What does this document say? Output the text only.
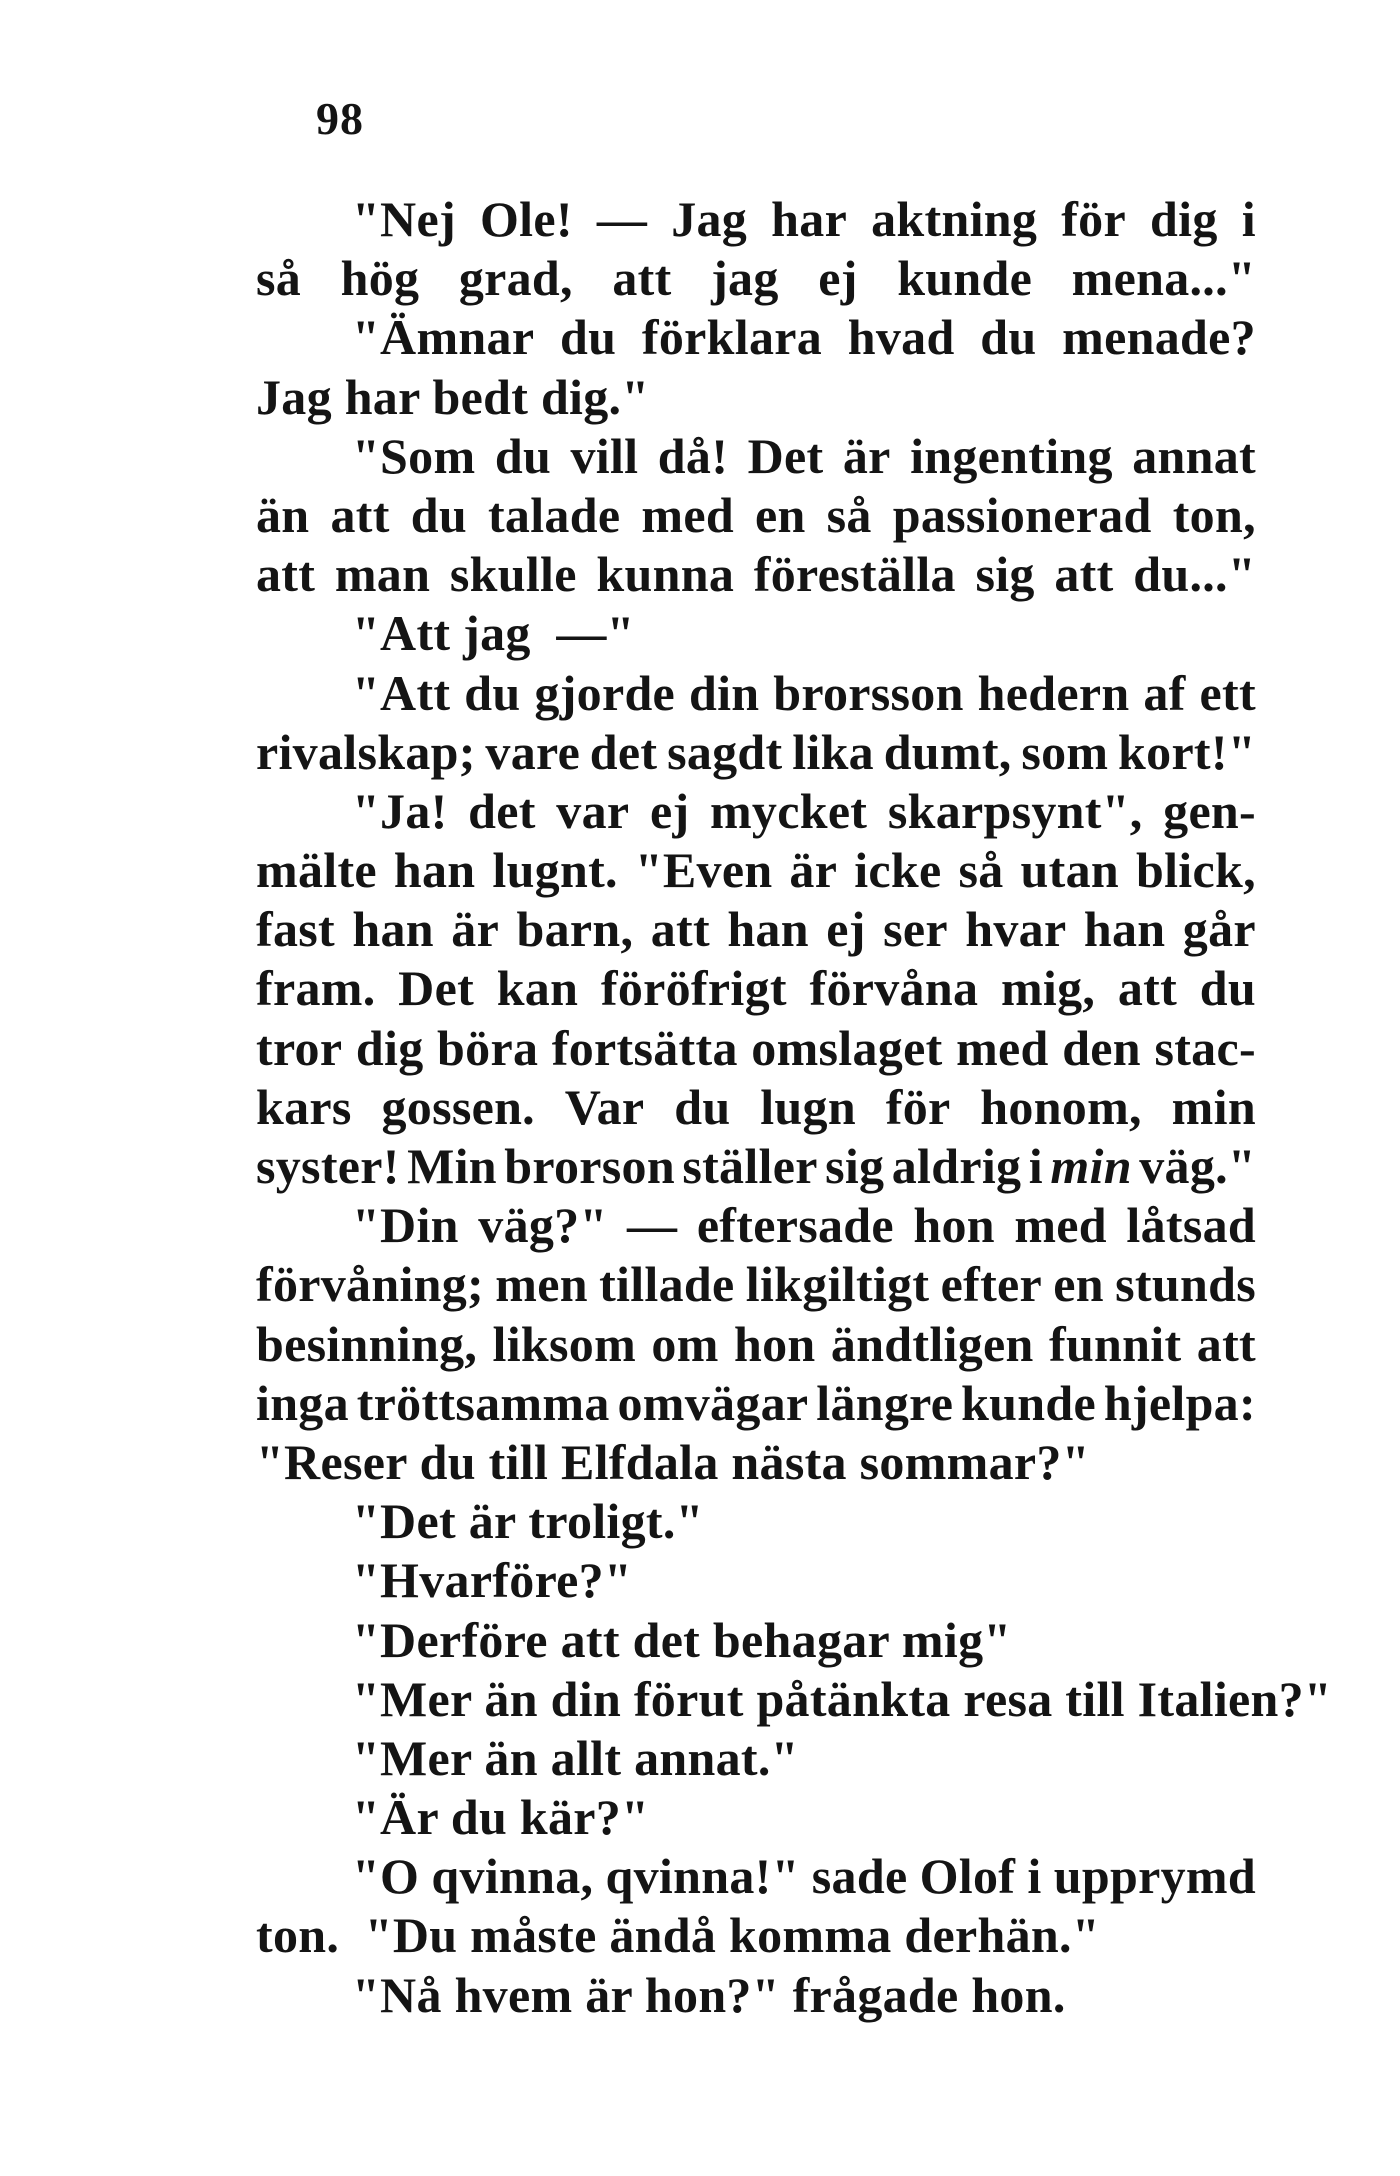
98
"Nej Ole! — Jag har aktning för dig i
så hög grad, att jag ej kunde mena..."
"Ämnar du förklara hvad du menade?
Jag har bedt dig."
"Som du vill då! Det är ingenting annat
än att du talade med en så passionerad ton,
att man skulle kunna föreställa sig att du..."
"Att jag  —"
"Att du gjorde din brorsson hedern af ett
rivalskap; vare det sagdt lika dumt, som kort!"
"Ja! det var ej mycket skarpsynt", gen-
mälte han lugnt. "Even är icke så utan blick,
fast han är barn, att han ej ser hvar han går
fram. Det kan föröfrigt förvåna mig, att du
tror dig böra fortsätta omslaget med den stac-
kars gossen. Var du lugn för honom, min
syster! Min brorson ställer sig aldrig i min väg."
"Din väg?" — eftersade hon med låtsad
förvåning; men tillade likgiltigt efter en stunds
besinning, liksom om hon ändtligen funnit att
inga tröttsamma omvägar längre kunde hjelpa:
"Reser du till Elfdala nästa sommar?"
"Det är troligt."
"Hvarföre?"
"Derföre att det behagar mig"
"Mer än din förut påtänkta resa till Italien?"
"Mer än allt annat."
"Är du kär?"
"O qvinna, qvinna!" sade Olof i upprymd
ton.  "Du måste ändå komma derhän."
"Nå hvem är hon?" frågade hon.
